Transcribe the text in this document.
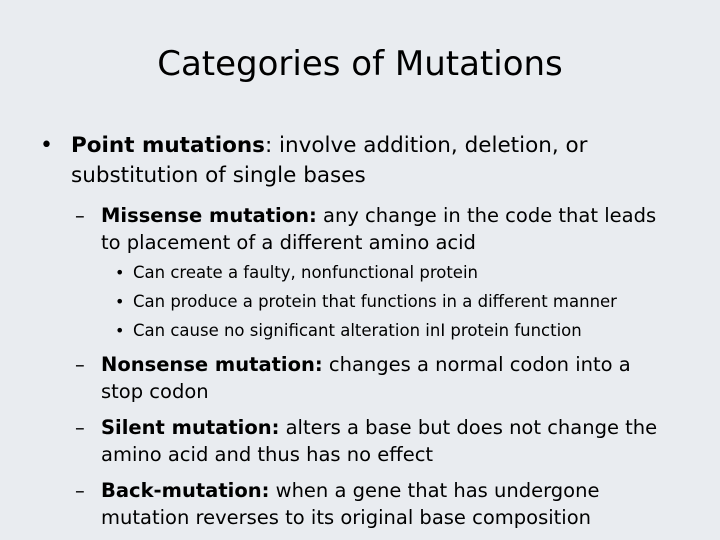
Categories of Mutations
• Point mutations: involve addition, deletion, or substitution of single bases
– Missense mutation: any change in the code that leads to placement of a different amino acid
• Can create a faulty, nonfunctional protein
• Can produce a protein that functions in a different manner
• Can cause no significant alteration inI protein function
– Nonsense mutation: changes a normal codon into a stop codon
– Silent mutation: alters a base but does not change the amino acid and thus has no effect
– Back-mutation: when a gene that has undergone mutation reverses to its original base composition
